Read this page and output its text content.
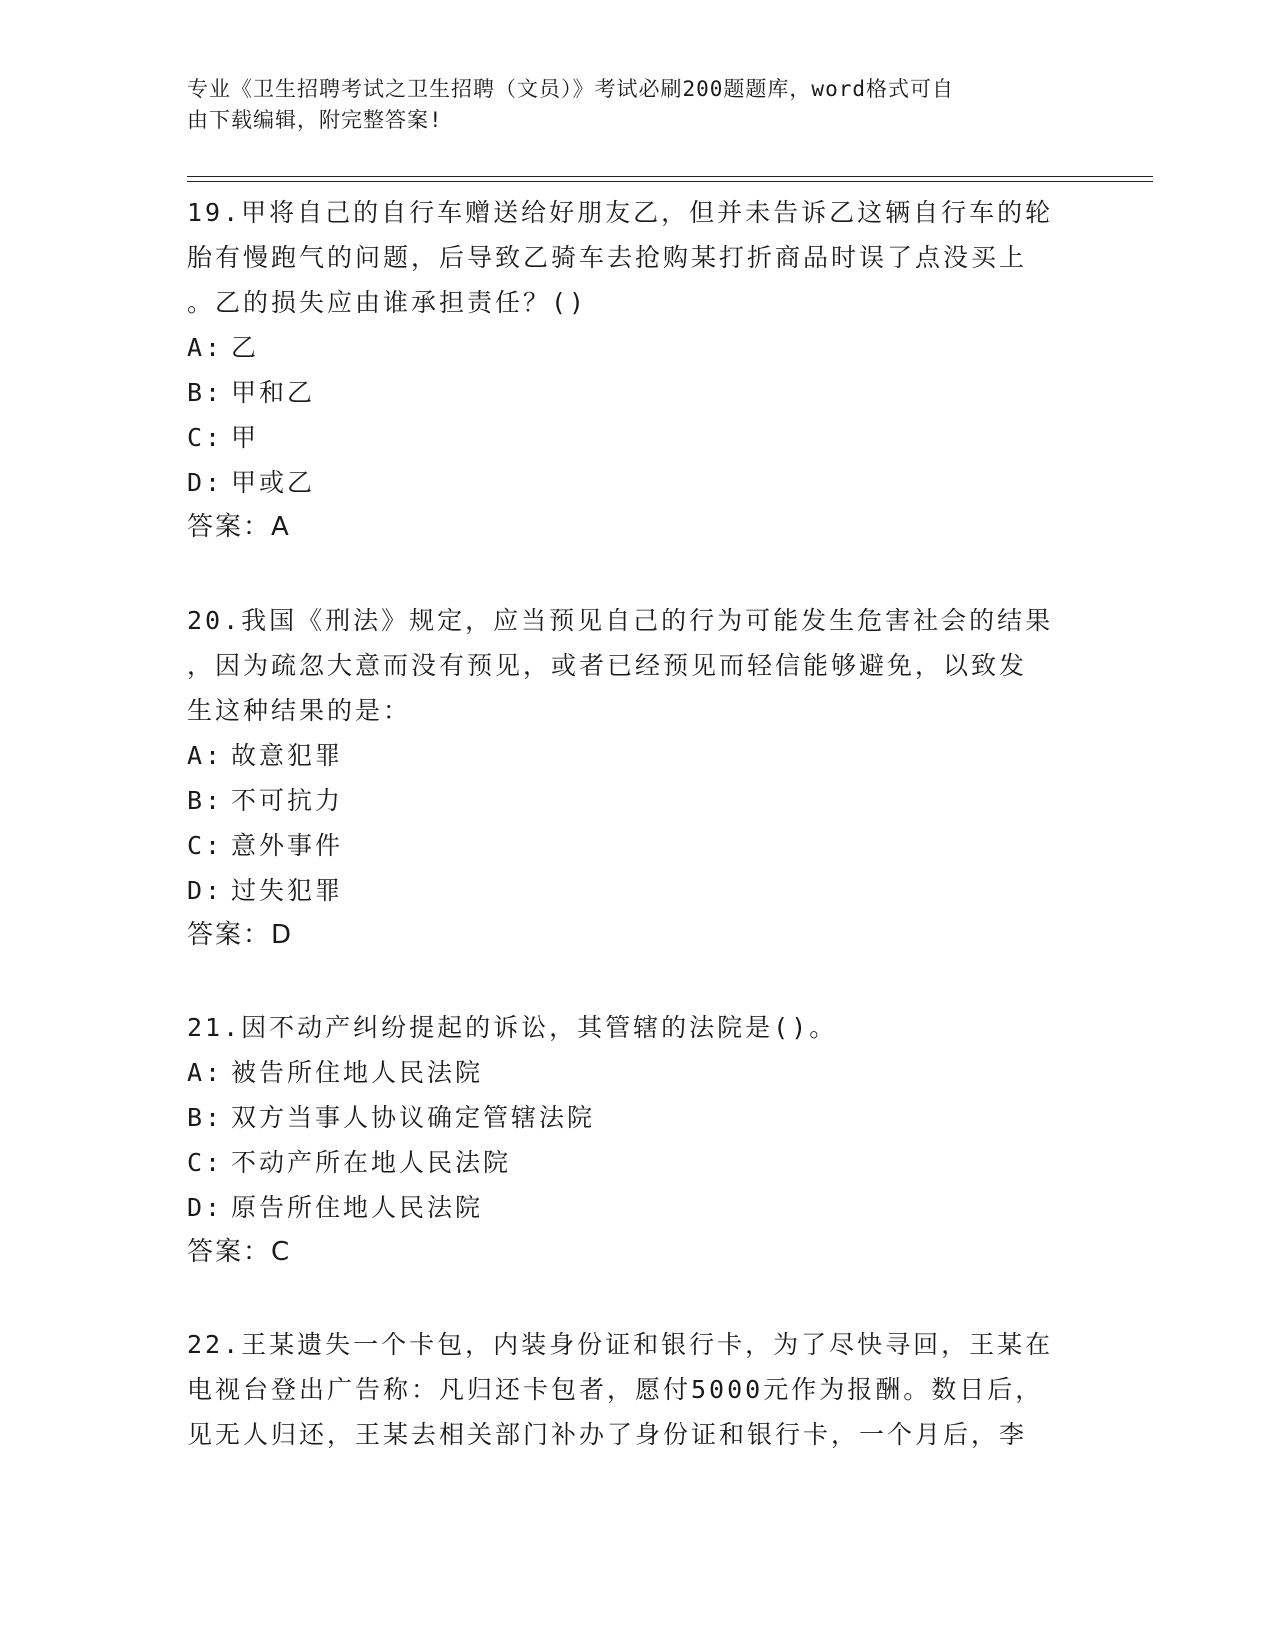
专业《卫生招聘考试之卫生招聘（文员）》考试必刷200题题库，word格式可自
由下载编辑，附完整答案!
19.甲将自己的自行车赠送给好朋友乙，但并未告诉乙这辆自行车的轮
胎有慢跑气的问题，后导致乙骑车去抢购某打折商品时误了点没买上
。乙的损失应由谁承担责任？()
A: 乙
B: 甲和乙
C: 甲
D: 甲或乙
答案：A
20.我国《刑法》规定，应当预见自己的行为可能发生危害社会的结果
，因为疏忽大意而没有预见，或者已经预见而轻信能够避免，以致发
生这种结果的是：
A: 故意犯罪
B: 不可抗力
C: 意外事件
D: 过失犯罪
答案：D
21.因不动产纠纷提起的诉讼，其管辖的法院是()。
A: 被告所住地人民法院
B: 双方当事人协议确定管辖法院
C: 不动产所在地人民法院
D: 原告所住地人民法院
答案：C
22.王某遗失一个卡包，内装身份证和银行卡，为了尽快寻回，王某在
电视台登出广告称：凡归还卡包者，愿付5000元作为报酬。数日后，
见无人归还，王某去相关部门补办了身份证和银行卡，一个月后，李
